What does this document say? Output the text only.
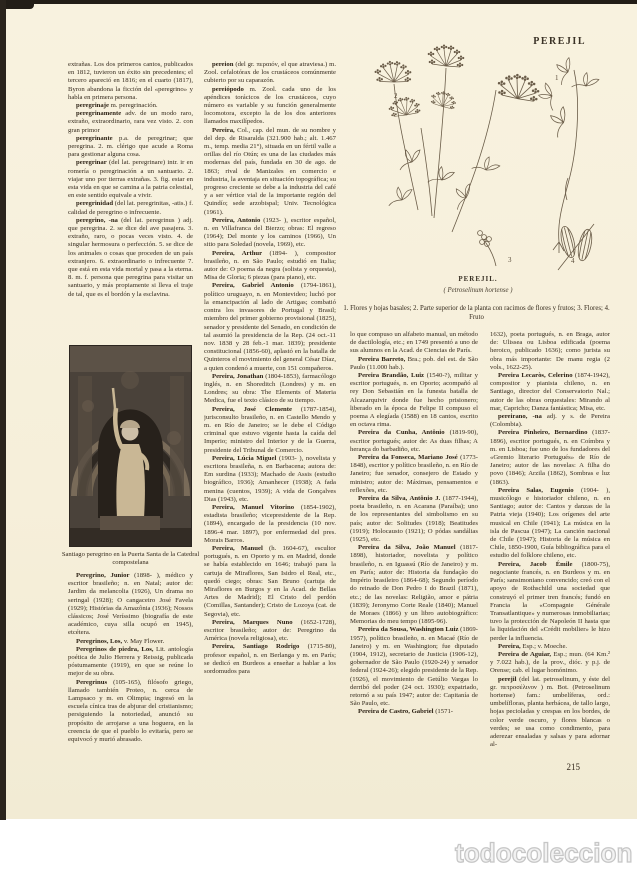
PEREJIL
1
2
3	4
PEREJIL.
( Petroselinum hortense )
1. Flores y hojas basales; 2. Parte superior de la planta con racimos de flores y frutos; 3. Flores; 4. Fruto

extrañas. Los dos primeros cantos, publicados en 1812, tuvieron un éxito sin precedentes; el tercero apareció en 1816; en el cuarto (1817), Byron abandona la ficción del «peregrino» y habla en primera persona.

peregrinaje m. peregrinación.

peregrinamente adv. de un modo raro, extraño, extraordinario, rara vez visto. 2. con gran primor

peregrinante p.a. de peregrinar; que peregrina. 2. m. clérigo que acude a Roma para gestionar alguna cosa.

peregrinar (del lat. peregrinare) intr. ir en romería o peregrinación a un santuario. 2. viajar uno por tierras extrañas. 3. fig. estar en esta vida en que se camina a la patria celestial, en este sentido equivale a vivir.

peregrinidad (del lat. peregrinitas, -atis.) f. calidad de peregrino o infrecuente.

peregrino, -na (del lat. peregrinus ) adj. que peregrina. 2. se dice del ave pasajera. 3. extraño, raro, o pocas veces visto. 4. de singular hermosura o perfección. 5. se dice de los animales o cosas que proceden de un país extranjero. 6. extraordinario o infrecuente 7. que está en esta vida mortal y pasa a la eterna. 8. m. f. persona que peregrina para visitar un santuario, y más propiamente si lleva el traje de tal, que es el bordón y la esclavina.

Santiago peregrino en la Puerta Santa de la Catedral compostelana

Peregrino, Junior (1898- ), médico y escritor brasileño; n. en Natal; autor de: Jardim da melancolia (1926), Un drama no seringal (1928); O cangaceiro José Favela (1929); Histórias da Amazônia (1936); Nossos clássicos; José Veríssimo (biografía de este académico, cuya silla ocupó en 1945), etcétera.

Peregrinos, Los, v. May Flower.

Peregrinos de piedra, Los, Lit. antología poética de Julio Herrera y Reissig, publicada póstumamente (1919), en que se reúne lo mejor de su obra.

Peregrinus (105-165), filósofo griego, llamado también Proteo, n. cerca de Lampsaco y m. en Olimpia; ingresó en la escuela cínica tras de abjurar del cristianismo; persiguiendo la notoriedad, anunció su propósito de arrojarse a una hoguera, en la creencia de que el pueblo lo evitaría, pero se equivocó y murió abrasado.

pereion (del gr. περαιόν, el que atraviesa.) m. Zool. cefalotórax de los crustáceos comúnmente cubierto por su caparazón.

pereiópodo m. Zool. cada uno de los apéndices torácicos de los crustáceos, cuyo número es variable y su función generalmente locomotora, excepto la de los dos anteriores llamados maxilípedos.

Pereira, Col., cap. del mun. de su nombre y del dep. de Risaralda (321.900 hab.; alt. 1.467 m., temp. media 21°), situada en un fértil valle a orillas del río Otún; es una de las ciudades más modernas del país, fundada en 30 de ago. de 1863; rival de Manizales en comercio e industria, la aventaja en situación topográfica; su progreso creciente se debe a la industria del café y a ser vértice vial de la importante región del Quindío; sede arzobispal; Univ. Tecnológica (1961).

Pereira, Antonio (1923- ), escritor español, n. en Villafranca del Bierzo; obras: El regreso (1964); Del monte y los caminos (1966), Un sitio para Soledad (novela, 1969), etc.

Pereira, Arthur (1894- ), compositor brasileño, n. en São Paulo; estudió en Italia; autor de: O poema da negra (solista y orquesta), Misa de Gloria; 6 piezas (para piano), etc.

Pereira, Gabriel Antonio (1794-1861), político uruguayo, n. en Montevideo; luchó por la emancipación al lado de Artigas; combatió contra los invasores de Portugal y Brasil; miembro del primer gobierno provisional (1825), senador y presidente del Senado, en condición de tal asumió la presidencia de la Rep. (24 oct.-11 nov. 1838 y 28 feb.-1 mar. 1839); presidente constitucional (1856-60), aplastó en la batalla de Quinteros el movimiento del general César Díaz, a quien condenó a muerte, con 151 compañeros.

Pereira, Jonathan (1804-1853), farmacólogo inglés, n. en Shoreditch (Londres) y m. en Londres; su obra: The Elements of Materia Medica, fue el texto clásico de su tiempo.

Pereira, José Clemente (1787-1854), jurisconsulto brasileño, n. en Castello Mendo y m. en Río de Janeiro; se le debe el Código criminal que estuvo vigente hasta la caída del Imperio; ministro del Interior y de la Guerra, presidente del Tribunal de Comercio.

Pereira, Lúcia Miguel (1903- ), novelista y escritora brasileña, n. en Barbacena; autora de: Em surdina (1933); Machado de Assis (estudio biográfico, 1936); Amanhecer (1938); A fada menina (cuentos, 1939); A vida de Gonçalves Dias (1943), etc.

Pereira, Manuel Vitorino (1854-1902), estadista brasileño; vicepresidente de la Rep. (1894), encargado de la presidencia (10 nov. 1896-4 mar. 1897), por enfermedad del pres. Morais Barros.

Pereira, Manuel (h. 1604-67), escultor portugués, n. en Oporto y m. en Madrid, donde se había establecido en 1646; trabajó para la cartuja de Miraflores, San Isidro el Real, etc., quedó ciego; obras: San Bruno (cartuja de Miraflores en Burgos y en la Acad. de Bellas Artes de Madrid); El Cristo del perdón (Comillas, Santander); Cristo de Lozoya (cat. de Segovia), etc.

Pereira, Marques Nuno (1652-1728), escritor brasileño; autor de: Peregrino da América (novela religiosa), etc.

Pereira, Santiago Rodrigo (1715-80), profesor español, n. en Berlanga y m. en París; se dedicó en Burdeos a enseñar a hablar a los sordomudos para

lo que compuso un alfabeto manual, un método de dactilología, etc.; en 1749 presentó a uno de sus alumnos en la Acad. de Ciencias de París.

Pereira Barreto, Bra.; pob. del est. de São Paulo (11.000 hab.).

Pereira Brandão, Luiz (1540-?), militar y escritor portugués, n. en Oporto; acompañó al rey Don Sebastián en la funesta batalla de Alcazarquivir donde fue hecho prisionero; liberado en la época de Felipe II compuso el poema A elegíada (1588) en 18 cantos, escrito en octava rima.

Pereira da Cunha, Antônio (1819-90), escritor portugués; autor de: As duas filhas; A herança do barbadiño, etc.

Pereira da Fonseca, Mariano José (1773-1848), escritor y político brasileño, n. en Río de Janeiro; fue senador, consejero de Estado y ministro; autor de: Máximas, pensamentos e reflexões, etc.

Pereira da Silva, Antônio J. (1877-1944), poeta brasileño, n. en Acarana (Paraíba); uno de los representantes del simbolismo en su país; autor de: Solitudes (1918); Beatitudes (1919); Holocausto (1921); O pódas sandálias (1925), etc.

Pereira da Silva, João Manuel (1817-1898), historiador, novelista y político brasileño, n. en Iguassú (Río de Janeiro) y m. en París; autor de: Historia da fundação do Império brasileiro (1864-68); Segundo período do reinado de Don Pedro I do Brazil (1871), etc.; de las novelas: Religião, amor e pátria (1839); Jeronymo Corte Reale (1840); Manuel de Moraes (1866) y un libro autobiográfico: Memorias do meu tempo (1895-96).

Pereira da Sousa, Washington Luiz (1869-1957), político brasileño, n. en Macaé (Río de Janeiro) y m. en Washington; fue diputado (1904, 1912), secretario de Justicia (1906-12), gobernador de São Paulo (1920-24) y senador federal (1924-26); elegido presidente de la Rep. (1926), el movimiento de Getúlio Vargas lo derribó del poder (24 oct. 1930); expatriado, retornó a su país 1947; autor de: Capitanía de São Paulo, etc.

Pereira de Castro, Gabriel (1571-

1632), poeta portugués, n. en Braga, autor de: Ulissea ou Lisboa edificada (poema heroico, publicado 1636); como jurista su obra más importante: De manu regia (2 vols., 1622-25).

Pereira Lecaròs, Celerino (1874-1942), compositor y pianista chileno, n. en Santiago, director del Conservatorio Nal.; autor de las obras orquestales: Mirando al mar, Capricho; Danza fantástica; Misa, etc.

pereirano, -na adj. y s. de Pereira (Colombia).

Pereira Pinheiro, Bernardino (1837-1896), escritor portugués, n. en Coímbra y m. en Lisboa; fue uno de los fundadores del «Gremio literario Portugués» de Río de Janeiro; autor de las novelas: A filha do povo (1846); Arzila (1862), Sombras e luz (1863).

Pereira Salas, Eugenio (1904- ), musicólogo e historiador chileno, n. en Santiago; autor de: Cantos y danzas de la Patria vieja (1940); Los orígenes del arte musical en Chile (1941); La música en la isla de Pascua (1947); La canción nacional de Chile (1947); Historia de la música en Chile, 1850-1900, Guía bibliográfica para el estudio del folklore chileno, etc.

Pereira, Jacob Émile (1800-75), negociante francés, n. en Burdeos y m. en París; sansimoniano convencido; creó con el apoyo de Rothschild una sociedad que construyó el primer tren francés; fundó en Francia la «Compagnie Générale Transatlantique» y numerosas inmobiliarias; tuvo la protección de Napoleón II hasta que la liquidación del «Crédit mobilier» le hizo perder la influencia.

Pereira, Esp.; v. Moeche.

Pereira de Aguiar, Esp.; mun. (64 Km.² y 7.022 hab.), de la prov., dióc. y p.j. de Orense; cab. el lugar homónimo.

perejil (del lat. petroselinum, y éste del gr. πετροσέλινον ) m. Bot. (Petroselinum hortense) fam.: umbelíferas, ord.: umbelífloras, planta herbácea, de tallo largo, hojas pecioladas y crespas en los bordes, de color verde oscuro, y flores blancas o verdes; se usa como condimento, para aderezar ensaladas y salsas y para adornar al-

215
todocoleccion
